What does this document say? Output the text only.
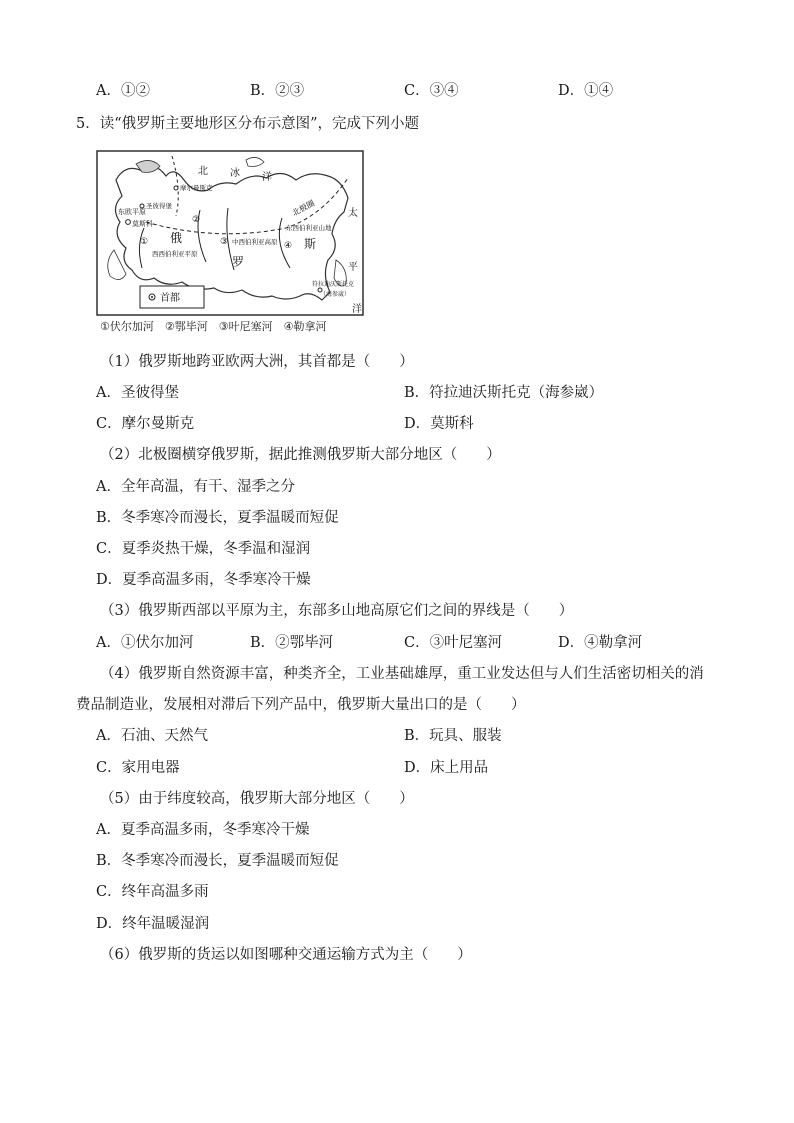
A．①②	B．②③	C．③④	D．①④
5．读“俄罗斯主要地形区分布示意图”，完成下列小题
北 冰 洋
摩尔曼斯克
圣彼得堡
东欧平原
莫斯科
① 俄
②
③	④
中西伯利亚高原
东西伯利亚山地
北极圈
西西伯利亚平原
罗
斯
太
平
洋
符拉迪沃斯托克
（海参崴）
首都
①伏尔加河　②鄂毕河　③叶尼塞河　④勒拿河
（1）俄罗斯地跨亚欧两大洲，其首都是（　　）
A．圣彼得堡	B．符拉迪沃斯托克（海参崴）
C．摩尔曼斯克	D．莫斯科
（2）北极圈横穿俄罗斯，据此推测俄罗斯大部分地区（　　）
A．全年高温，有干、湿季之分
B．冬季寒冷而漫长，夏季温暖而短促
C．夏季炎热干燥，冬季温和湿润
D．夏季高温多雨，冬季寒冷干燥
（3）俄罗斯西部以平原为主，东部多山地高原它们之间的界线是（　　）
A．①伏尔加河	B．②鄂毕河	C．③叶尼塞河	D．④勒拿河
（4）俄罗斯自然资源丰富，种类齐全，工业基础雄厚，重工业发达但与人们生活密切相关的消
费品制造业，发展相对滞后下列产品中，俄罗斯大量出口的是（　　）
A．石油、天然气	B．玩具、服装
C．家用电器	D．床上用品
（5）由于纬度较高，俄罗斯大部分地区（　　）
A．夏季高温多雨，冬季寒冷干燥
B．冬季寒冷而漫长，夏季温暖而短促
C．终年高温多雨
D．终年温暖湿润
（6）俄罗斯的货运以如图哪种交通运输方式为主（　　）
